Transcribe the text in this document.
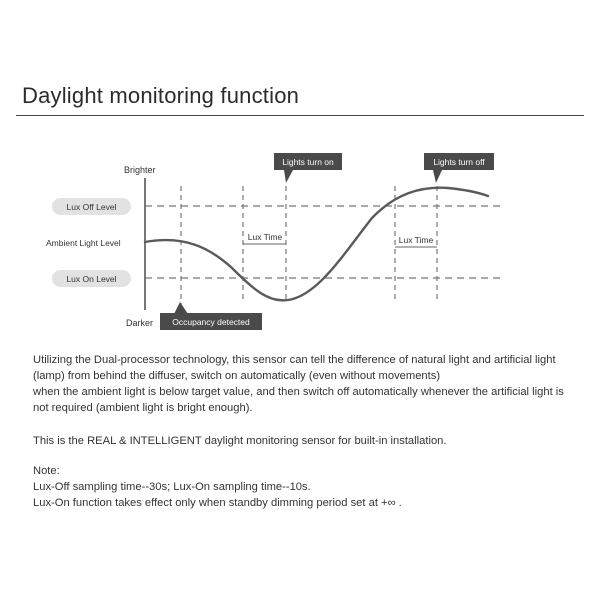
Daylight monitoring function
Brighter
Darker
Lux Off Level
Ambient Light Level
Lux On Level
Lux Time	Lux Time
Lights turn on	Lights turn off
Occupancy detected

Utilizing the Dual-processor technology, this sensor can tell the difference of natural light and artificial light

(lamp) from behind the diffuser, switch on automatically (even without movements)

when the ambient light is below target value, and then switch off automatically whenever the artificial light is

not required (ambient light is bright enough).

This is the REAL & INTELLIGENT daylight monitoring sensor for built-in installation.

Note:

Lux-Off sampling time--30s; Lux-On sampling time--10s.

Lux-On function takes effect only when standby dimming period set at +∞ .
